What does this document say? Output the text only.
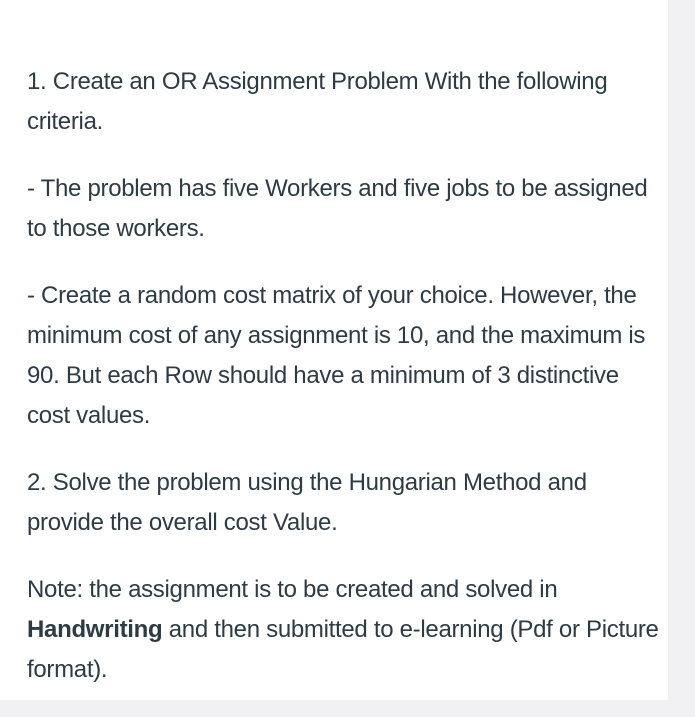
1. Create an OR Assignment Problem With the following criteria.

- The problem has five Workers and five jobs to be assigned to those workers.

- Create a random cost matrix of your choice. However, the minimum cost of any assignment is 10, and the maximum is 90. But each Row should have a minimum of 3 distinctive cost values.

2. Solve the problem using the Hungarian Method and provide the overall cost Value.

Note: the assignment is to be created and solved in Handwriting and then submitted to e-learning (Pdf or Picture format).
